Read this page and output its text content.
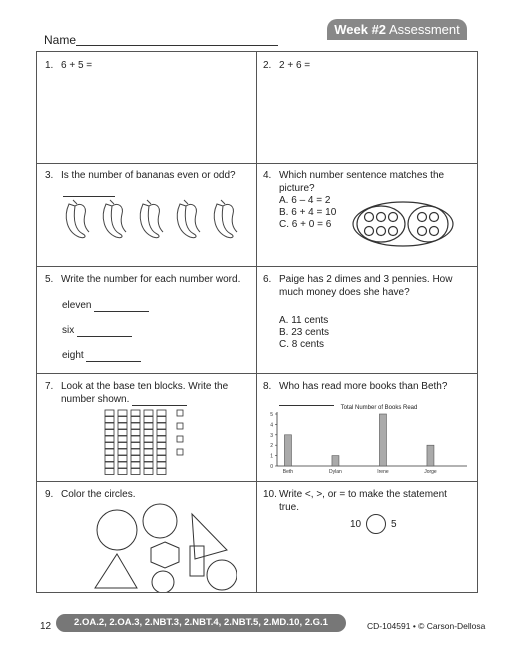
Name
Week #2 Assessment
1. 6 + 5 =	2. 2 + 6 =
3. Is the number of bananas even or odd?	4. Which number sentence matches the
picture?
A. 6 – 4 = 2
B. 6 + 4 = 10
C. 6 + 0 = 6
5. Write the number for each number word.
eleven
six
eight
6. Paige has 2 dimes and 3 pennies. How
much money does she have?
A. 11 cents
B. 23 cents
C. 8 cents
7. Look at the base ten blocks. Write the
number shown.
8. Who has read more books than Beth?

Total Number of Books Read
0
1
2
3
4
5
Beth	Dylan	Irene	Jorge
9. Color the circles.	10. Write <, >, or = to make the statement
true.
10	5
12	2.OA.2, 2.OA.3, 2.NBT.3, 2.NBT.4, 2.NBT.5, 2.MD.10, 2.G.1	CD-104591 • © Carson-Dellosa
